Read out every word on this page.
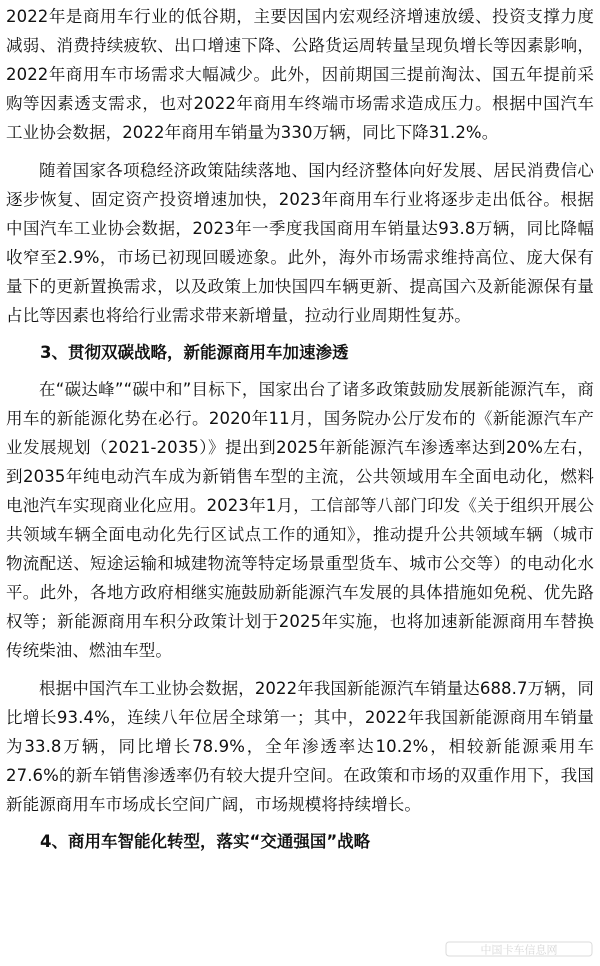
2022年是商用车行业的低谷期，主要因国内宏观经济增速放缓、投资支撑力度减弱、消费持续疲软、出口增速下降、公路货运周转量呈现负增长等因素影响，2022年商用车市场需求大幅减少。此外，因前期国三提前淘汰、国五年提前采购等因素透支需求，也对2022年商用车终端市场需求造成压力。根据中国汽车工业协会数据，2022年商用车销量为330万辆，同比下降31.2%。

随着国家各项稳经济政策陆续落地、国内经济整体向好发展、居民消费信心逐步恢复、固定资产投资增速加快，2023年商用车行业将逐步走出低谷。根据中国汽车工业协会数据，2023年一季度我国商用车销量达93.8万辆，同比降幅收窄至2.9%，市场已初现回暖迹象。此外，海外市场需求维持高位、庞大保有量下的更新置换需求，以及政策上加快国四车辆更新、提高国六及新能源保有量占比等因素也将给行业需求带来新增量，拉动行业周期性复苏。

3、贯彻双碳战略，新能源商用车加速渗透

在“碳达峰”“碳中和”目标下，国家出台了诸多政策鼓励发展新能源汽车，商用车的新能源化势在必行。2020年11月，国务院办公厅发布的《新能源汽车产业发展规划（2021-2035）》提出到2025年新能源汽车渗透率达到20%左右，到2035年纯电动汽车成为新销售车型的主流，公共领域用车全面电动化，燃料电池汽车实现商业化应用。2023年1月，工信部等八部门印发《关于组织开展公共领域车辆全面电动化先行区试点工作的通知》，推动提升公共领域车辆（城市物流配送、短途运输和城建物流等特定场景重型货车、城市公交等）的电动化水平。此外，各地方政府相继实施鼓励新能源汽车发展的具体措施如免税、优先路权等；新能源商用车积分政策计划于2025年实施，也将加速新能源商用车替换传统柴油、燃油车型。

根据中国汽车工业协会数据，2022年我国新能源汽车销量达688.7万辆，同比增长93.4%，连续八年位居全球第一；其中，2022年我国新能源商用车销量为33.8万辆，同比增长78.9%，全年渗透率达10.2%，相较新能源乘用车27.6%的新车销售渗透率仍有较大提升空间。在政策和市场的双重作用下，我国新能源商用车市场成长空间广阔，市场规模将持续增长。

4、商用车智能化转型，落实“交通强国”战略

中国卡车信息网
